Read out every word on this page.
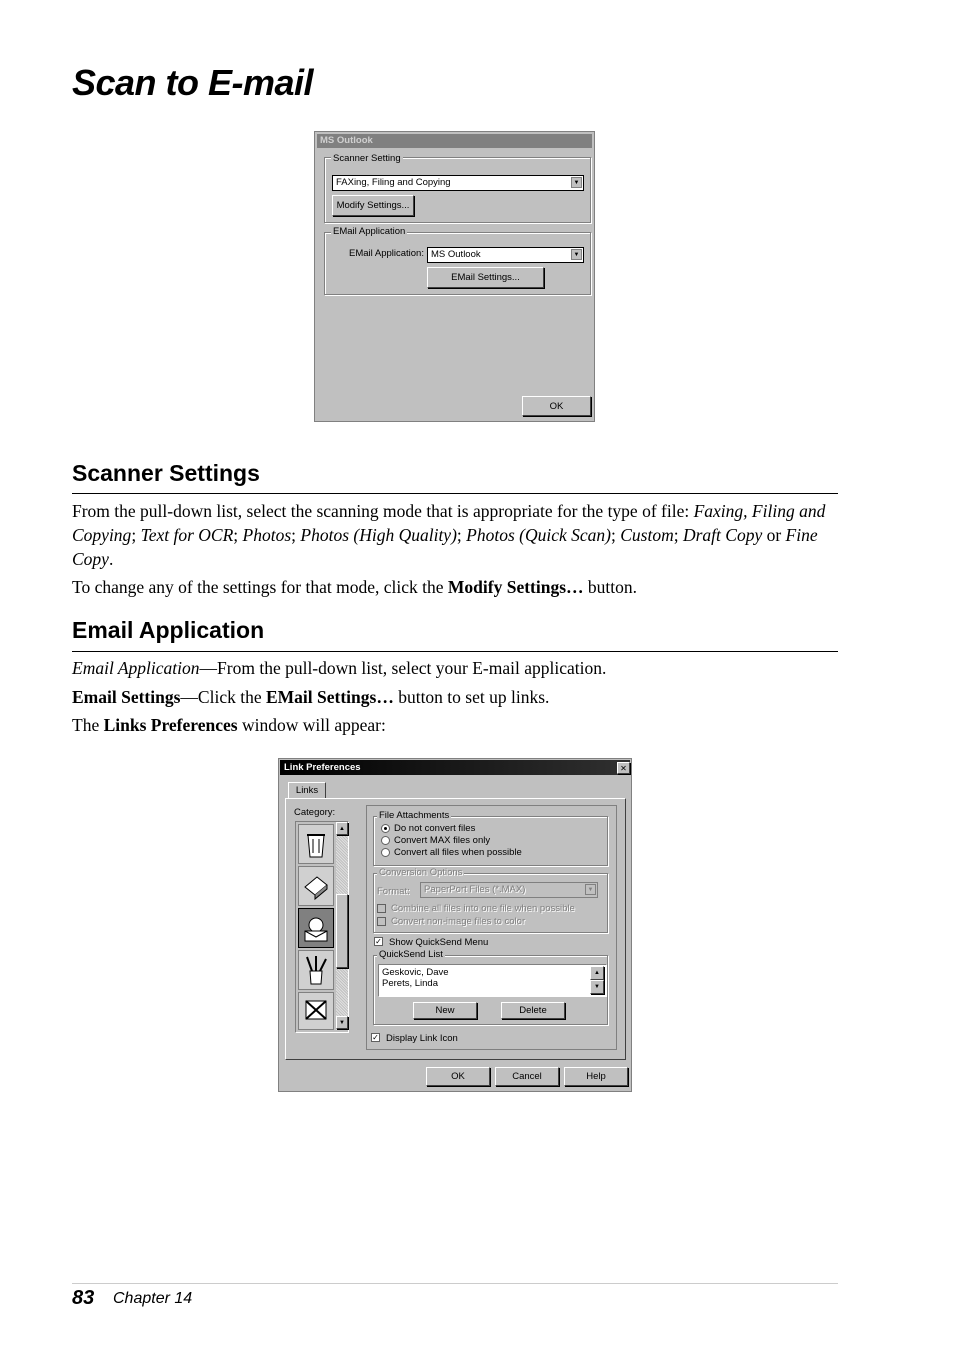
Scan to E-mail
MS Outlook
Scanner Setting
FAXing, Filing and Copying	▼
Modify Settings...
EMail Application
EMail Application: MS Outlook	▼
EMail Settings...
OK
Scanner Settings

From the pull-down list, select the scanning mode that is appropriate for the type of file: Faxing, Filing and Copying; Text for OCR; Photos; Photos (High Quality); Photos (Quick Scan); Custom; Draft Copy or Fine Copy.

To change any of the settings for that mode, click the Modify Settings… button.

Email Application

Email Application—From the pull-down list, select your E-mail application.

Email Settings—Click the EMail Settings… button to set up links.

The Links Preferences window will appear:

Link Preferences	✕
Links
Category:
▲
▼
File Attachments
Do not convert files
Convert MAX files only
Convert all files when possible
Conversion Options
Format:	PaperPort Files (*.MAX)	▼
Combine all files into one file when possible
Convert non-image files to color
✓ Show QuickSend Menu
QuickSend List
Geskovic, Dave
Perets, Linda
▲
▼
New	Delete
✓ Display Link Icon
OK	Cancel	Help
83 Chapter 14
